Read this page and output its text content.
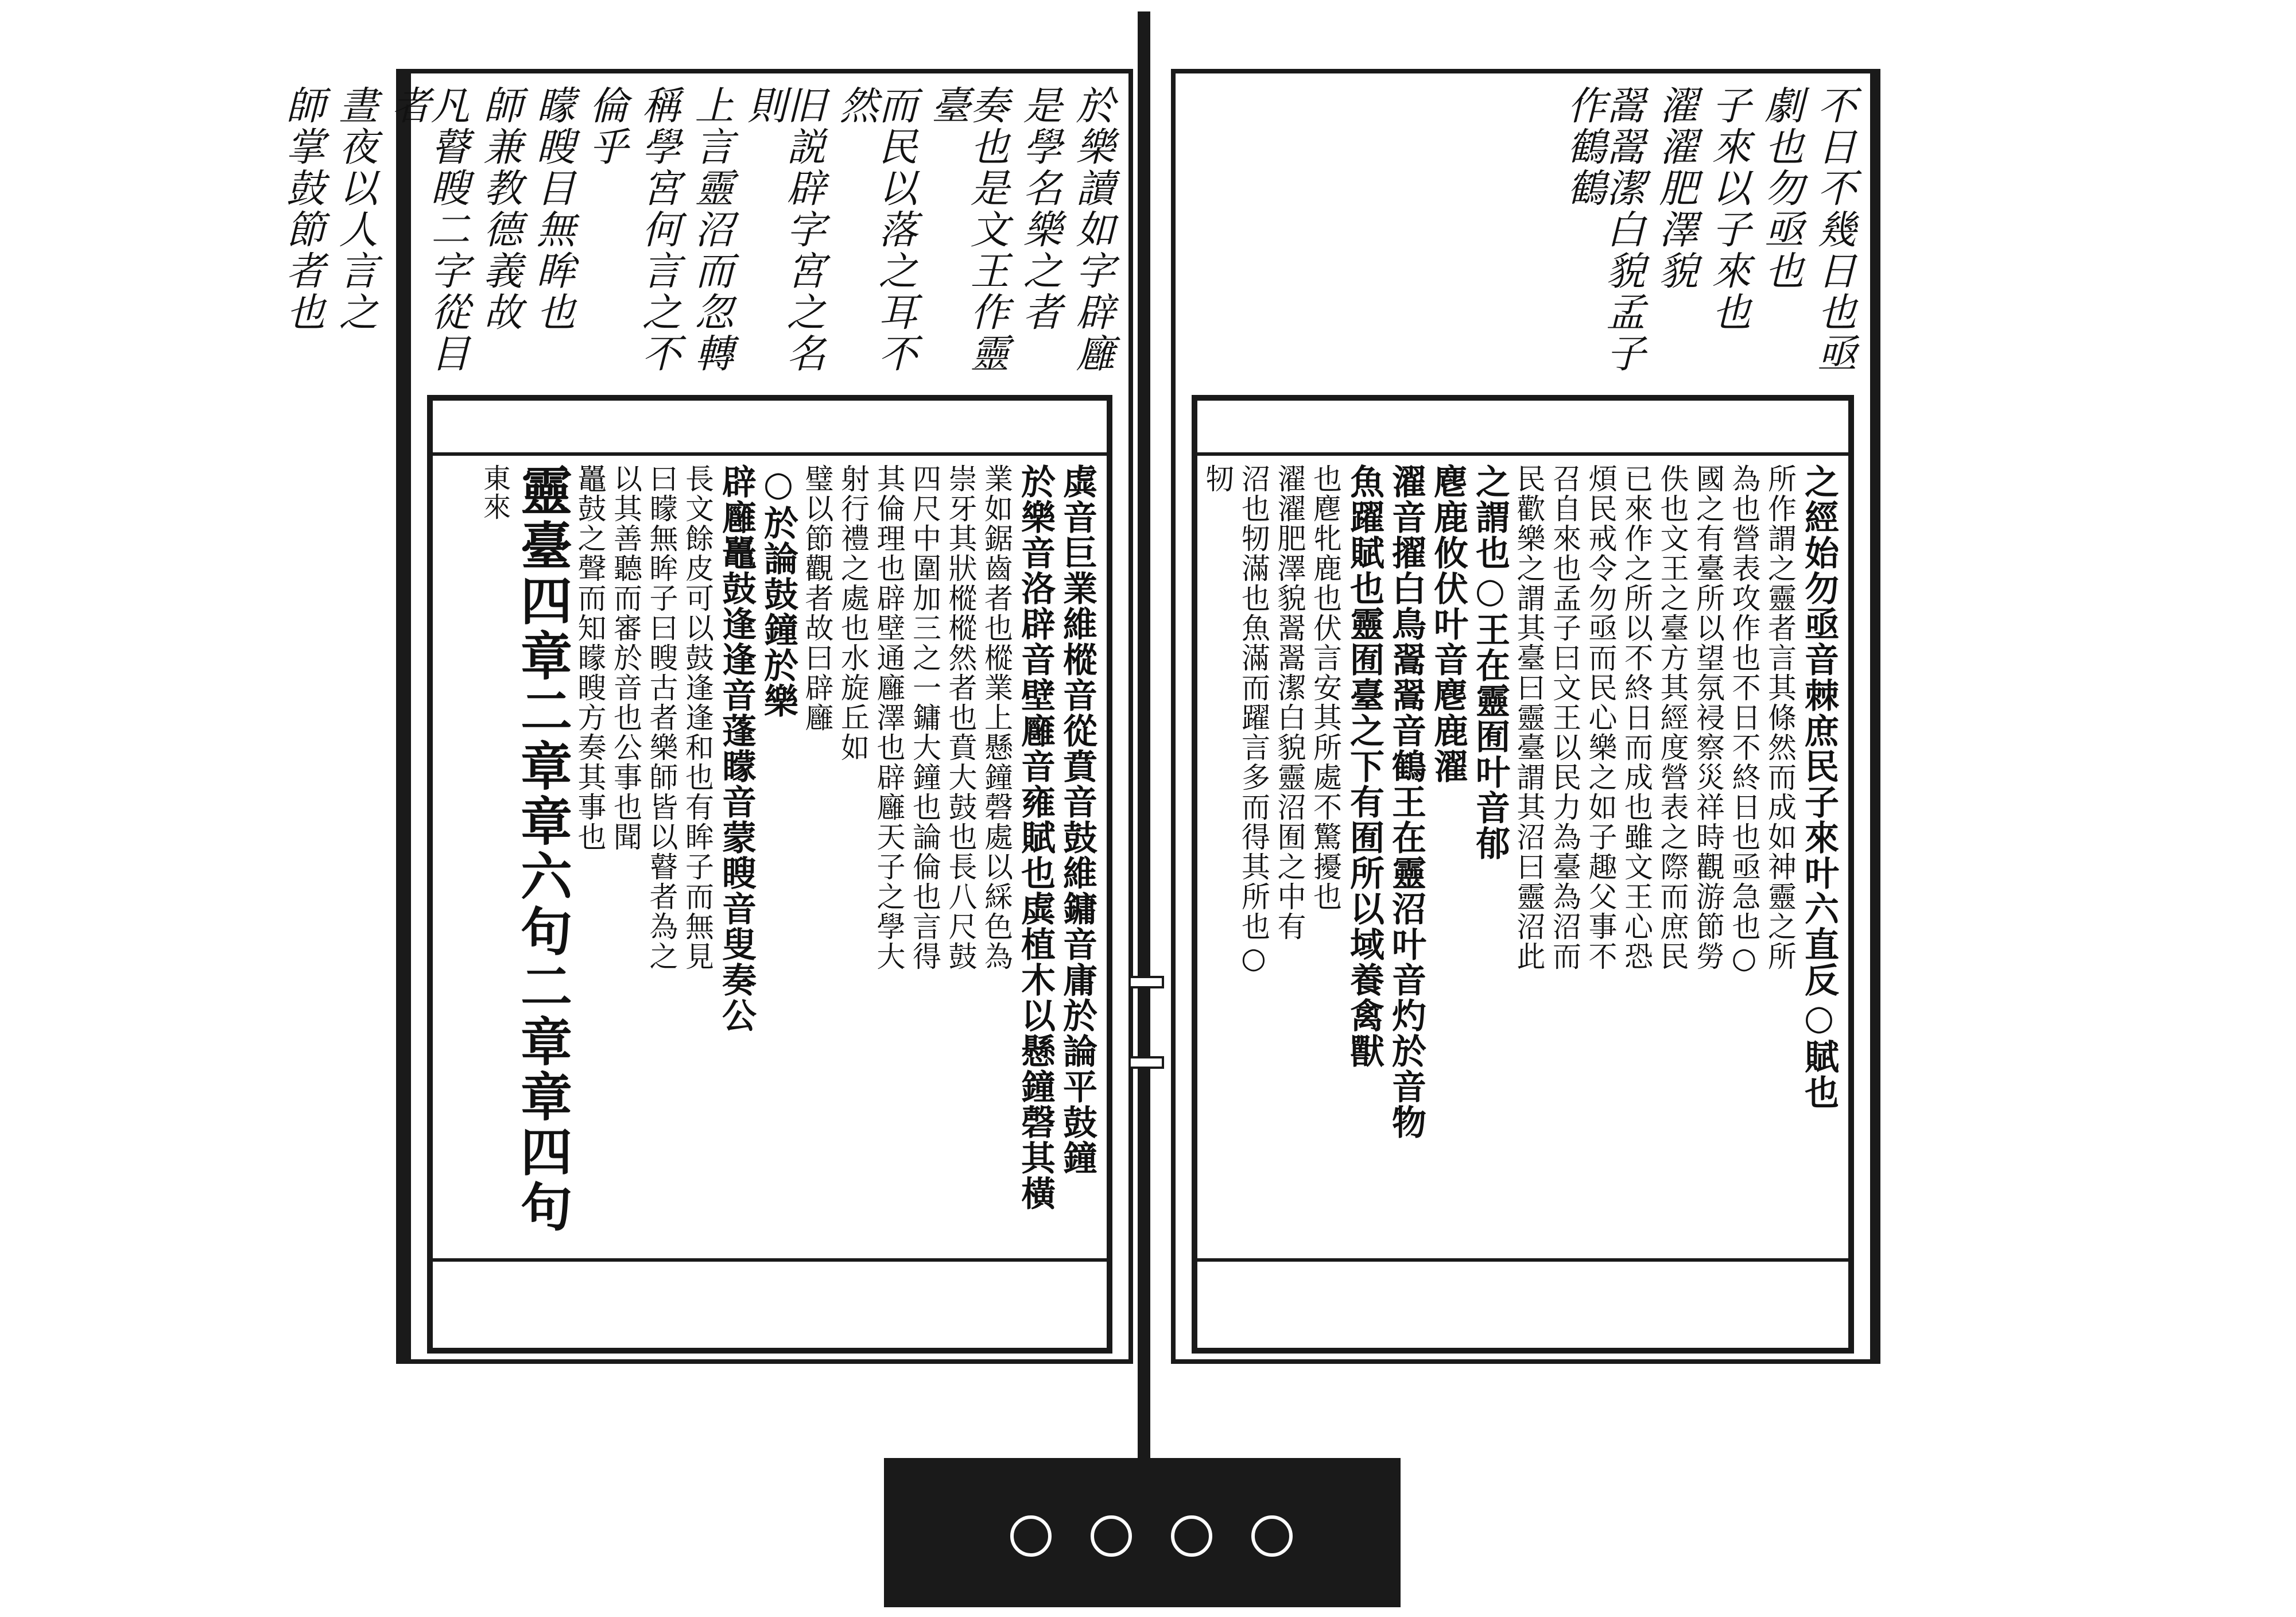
於樂讀如字辟廱
是學名樂之者
奏也是文王作靈臺
而民以落之耳不然
旧説辟字宮之名則
上言靈沼而忽轉
稱學宮何言之不
倫乎
矇瞍目無眸也
師兼教德義故
凡瞽瞍二字從目者
晝夜以人言之
師掌鼓節者也
虡音巨業維樅音從賁音鼓維鏞音庸於論平鼓鐘
於樂音洛辟音壁廱音雍賦也虡植木以懸鐘磬其橫
業如鋸齒者也樅業上懸鐘磬處以綵色為
崇牙其狀樅樅然者也賁大鼓也長八尺鼓
四尺中圍加三之一鏞大鐘也論倫也言得
其倫理也辟壁通廱澤也辟廱天子之學大
射行禮之處也水旋丘如
璧以節觀者故曰辟廱
○於論鼓鐘於樂
辟廱鼉鼓逢逢音蓬矇音蒙瞍音叟奏公
長文餘皮可以鼓逢逢和也有眸子而無見
曰矇無眸子曰瞍古者樂師皆以瞽者為之
以其善聽而審於音也公事也聞
鼉鼓之聲而知矇瞍方奏其事也
靈臺四章二章章六句二章章四句
東來
不日不幾日也亟
劇也勿亟也
子來以子來也
濯濯肥澤貌
翯翯潔白貌孟子作鶴鶴
之經始勿亟音棘庶民子來叶六直反○賦也
所作謂之靈者言其條然而成如神靈之所
為也營表攻作也不日不終日也亟急也○
國之有臺所以望氛祲察災祥時觀游節勞
佚也文王之臺方其經度營表之際而庶民
已來作之所以不終日而成也雖文王心恐
煩民戒令勿亟而民心樂之如子趣父事不
召自來也孟子曰文王以民力為臺為沼而
民歡樂之謂其臺曰靈臺謂其沼曰靈沼此
之謂也○王在靈囿叶音郁
麀鹿攸伏叶音麀鹿濯
濯音擢白鳥翯翯音鶴王在靈沼叶音灼於音物
魚躍賦也靈囿臺之下有囿所以域養禽獸
也麀牝鹿也伏言安其所處不驚擾也
濯濯肥澤貌翯翯潔白貌靈沼囿之中有
沼也牣滿也魚滿而躍言多而得其所也○
牣
